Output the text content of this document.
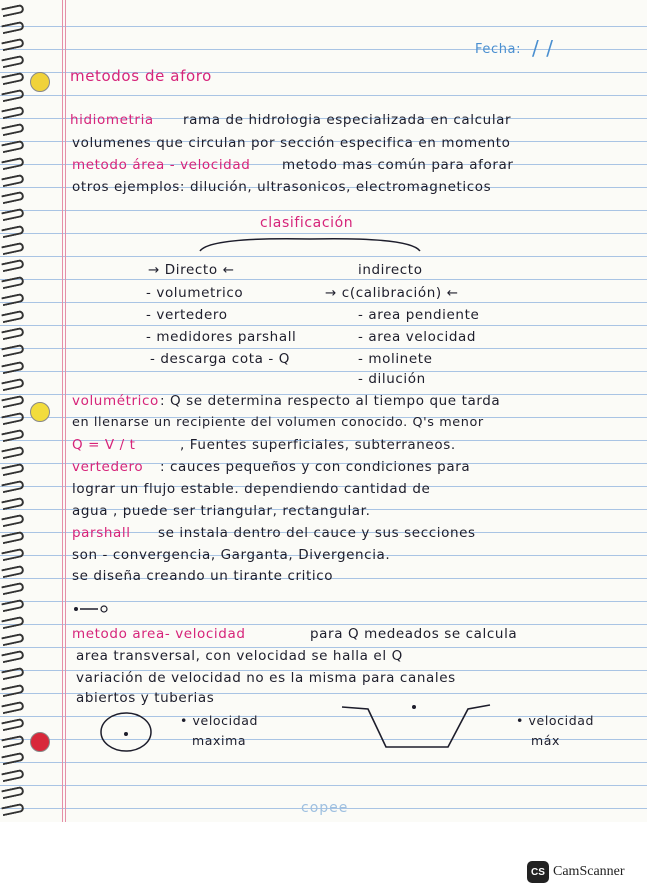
Fecha: / /
metodos de aforo
hidiometria rama de hidrologia especializada en calcular
volumenes que circulan por sección especifica en momento
metodo área - velocidad metodo mas común para aforar
otros ejemplos: dilución, ultrasonicos, electromagneticos
clasificación
→ Directo ←
- volumetrico
- vertedero
- medidores parshall
- descarga cota - Q
indirecto
→ c(calibración) ←
- area pendiente
- area velocidad
- molinete
- dilución
volumétrico : Q se determina respecto al tiempo que tarda
en llenarse un recipiente del volumen conocido. Q's menor
Q = V / t	, Fuentes superficiales, subterraneos.
vertedero : cauces pequeños y con condiciones para
lograr un flujo estable. dependiendo cantidad de
agua , puede ser triangular, rectangular.
parshall se instala dentro del cauce y sus secciones
son - convergencia, Garganta, Divergencia.
se diseña creando un tirante critico
metodo area- velocidad	para Q medeados se calcula
area transversal, con velocidad se halla el Q
variación de velocidad no es la misma para canales
abiertos y tuberias
• velocidad
maxima
• velocidad
máx
copee
CS CamScanner
